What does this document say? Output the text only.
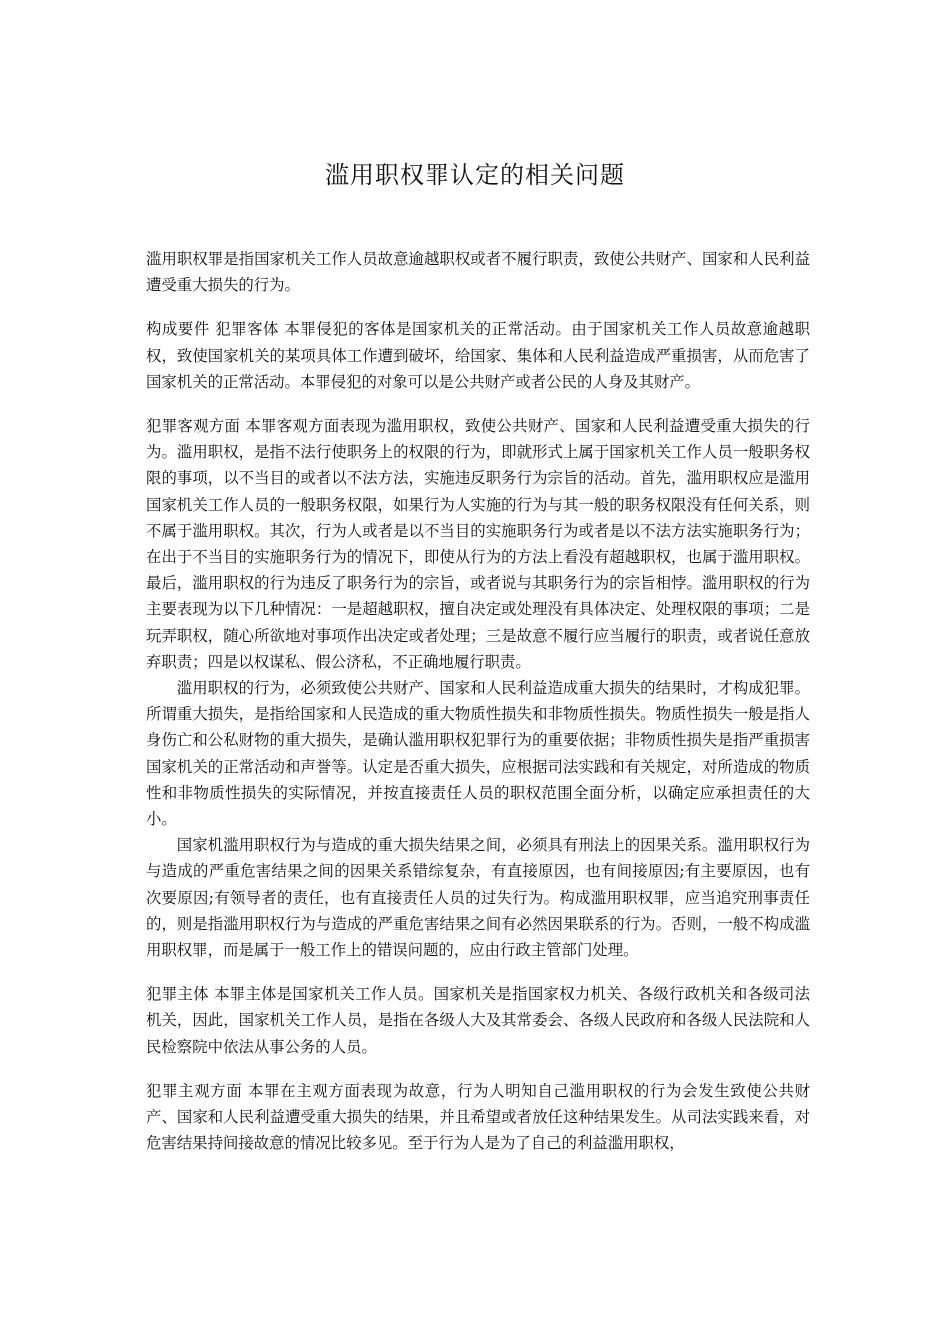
滥用职权罪认定的相关问题

滥用职权罪是指国家机关工作人员故意逾越职权或者不履行职责，致使公共财产、国家和人民利益遭受重大损失的行为。

构成要件 犯罪客体 本罪侵犯的客体是国家机关的正常活动。由于国家机关工作人员故意逾越职权，致使国家机关的某项具体工作遭到破坏，给国家、集体和人民利益造成严重损害，从而危害了国家机关的正常活动。本罪侵犯的对象可以是公共财产或者公民的人身及其财产。

犯罪客观方面 本罪客观方面表现为滥用职权，致使公共财产、国家和人民利益遭受重大损失的行为。滥用职权，是指不法行使职务上的权限的行为，即就形式上属于国家机关工作人员一般职务权限的事项，以不当目的或者以不法方法，实施违反职务行为宗旨的活动。首先，滥用职权应是滥用国家机关工作人员的一般职务权限，如果行为人实施的行为与其一般的职务权限没有任何关系，则不属于滥用职权。其次，行为人或者是以不当目的实施职务行为或者是以不法方法实施职务行为；在出于不当目的实施职务行为的情况下，即使从行为的方法上看没有超越职权，也属于滥用职权。最后，滥用职权的行为违反了职务行为的宗旨，或者说与其职务行为的宗旨相悖。滥用职权的行为主要表现为以下几种情况：一是超越职权，擅自决定或处理没有具体决定、处理权限的事项；二是玩弄职权，随心所欲地对事项作出决定或者处理；三是故意不履行应当履行的职责，或者说任意放弃职责；四是以权谋私、假公济私，不正确地履行职责。

滥用职权的行为，必须致使公共财产、国家和人民利益造成重大损失的结果时，才构成犯罪。所谓重大损失，是指给国家和人民造成的重大物质性损失和非物质性损失。物质性损失一般是指人身伤亡和公私财物的重大损失，是确认滥用职权犯罪行为的重要依据；非物质性损失是指严重损害国家机关的正常活动和声誉等。认定是否重大损失，应根据司法实践和有关规定，对所造成的物质性和非物质性损失的实际情况，并按直接责任人员的职权范围全面分析，以确定应承担责任的大小。

国家机滥用职权行为与造成的重大损失结果之间，必须具有刑法上的因果关系。滥用职权行为与造成的严重危害结果之间的因果关系错综复杂，有直接原因，也有间接原因;有主要原因，也有次要原因;有领导者的责任，也有直接责任人员的过失行为。构成滥用职权罪，应当追究刑事责任的，则是指滥用职权行为与造成的严重危害结果之间有必然因果联系的行为。否则，一般不构成滥用职权罪，而是属于一般工作上的错误问题的，应由行政主管部门处理。

犯罪主体 本罪主体是国家机关工作人员。国家机关是指国家权力机关、各级行政机关和各级司法机关，因此，国家机关工作人员，是指在各级人大及其常委会、各级人民政府和各级人民法院和人民检察院中依法从事公务的人员。

犯罪主观方面 本罪在主观方面表现为故意，行为人明知自己滥用职权的行为会发生致使公共财产、国家和人民利益遭受重大损失的结果，并且希望或者放任这种结果发生。从司法实践来看，对危害结果持间接故意的情况比较多见。至于行为人是为了自己的利益滥用职权，
